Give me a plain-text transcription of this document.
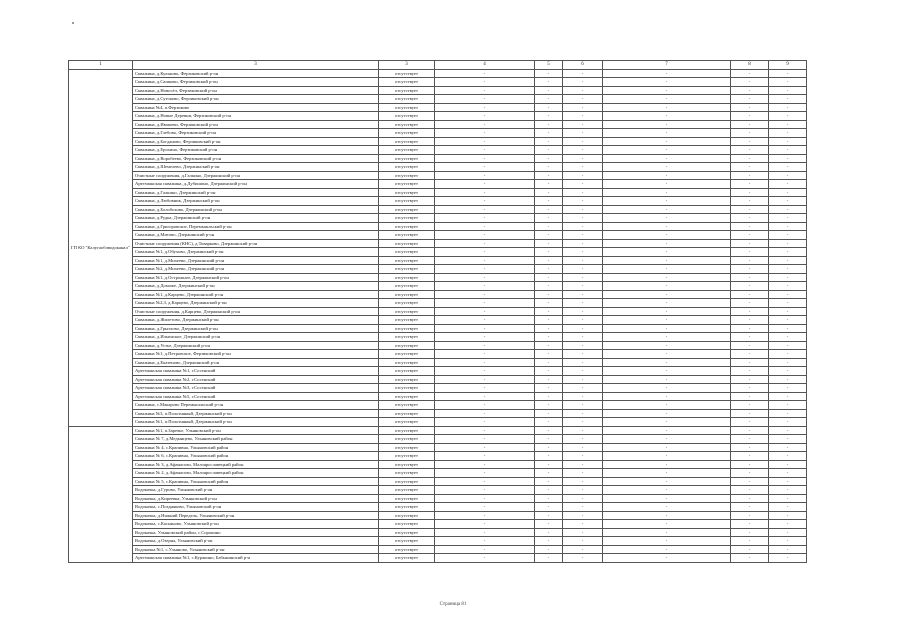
1	3	3	4	5	6	7	8	9
ГП КО "Калугаоблводоканал"	Скважина, д.Кульково, Ферзиковский р-он	отсутствует	-	-	-	-	-	-
	Скважина, д.Сашково, Ферзиковский р-он	отсутствует	-	-	-	-	-	-
	Скважина, д.Новосёл, Ферзиковский р-он	отсутствует	-	-	-	-	-	-
	Скважина, д.Сутоково, Ферзиковский р-он	отсутствует	-	-	-	-	-	-
	Скважина №4, п.Ферзиково	отсутствует	-	-	-	-	-	-
	Скважина, д.Новые Деревни, Ферзиковский р-он	отсутствует	-	-	-	-	-	-
	Скважина, д.Ивашево, Ферзиковский р-он	отсутствует	-	-	-	-	-	-
	Скважина, д.Глебово, Ферзиковский р-он	отсутствует	-	-	-	-	-	-
	Скважина, д.Богданово, Ферзиковский р-он	отсутствует	-	-	-	-	-	-
	Скважина, д.Ерохино, Ферзиковский р-он	отсутствует	-	-	-	-	-	-
	Скважина, д.Воробеево, Ферзиковский р-он	отсутствует	-	-	-	-	-	-
	Скважина, д.Шемелево, Дзержинский р-он	отсутствует	-	-	-	-	-	-
	Очистные сооружения, д.Галкино, Дзержинский р-он	отсутствует	-	-	-	-	-	-
	Артезианская скважина, д.Дубишино, Дзержинский р-он	отсутствует	-	-	-	-	-	-
	Скважина, д.Галкино, Дзержинский р-он	отсутствует	-	-	-	-	-	-
	Скважина, д.Любовник, Дзержинский р-он	отсутствует	-	-	-	-	-	-
	Скважина, д.Болобохово, Дзержинский р-он	отсутствует	-	-	-	-	-	-
	Скважина, д.Рудка, Дзержинский р-он	отсутствует	-	-	-	-	-	-
	Скважина, д.Григоровское, Перемышльский р-он	отсутствует	-	-	-	-	-	-
	Скважина, д.Митово, Дзержинский р-он	отсутствует	-	-	-	-	-	-
	Очистные сооружения (КНС), д.Товарково, Дзержинский р-он	отсутствует	-	-	-	-	-	-
	Скважина №1, д.Обухово, Дзержинский р-он	отсутствует	-	-	-	-	-	-
	Скважина №1, д.Михеево, Дзержинский р-он	отсутствует	-	-	-	-	-	-
	Скважина №2, д.Михеево, Дзержинский р-он	отсутствует	-	-	-	-	-	-
	Скважина №1, д.Острожное, Дзержинский р-он	отсутствует	-	-	-	-	-	-
	Скважина, д.Доможе, Дзержинский р-он	отсутствует	-	-	-	-	-	-
	Скважина №1, д.Карцево, Дзержинский р-он	отсутствует	-	-	-	-	-	-
	Скважина №2,3, д.Карцево, Дзержинский р-он	отсутствует	-	-	-	-	-	-
	Очистные сооружения, д.Карцево, Дзержинский р-он	отсутствует	-	-	-	-	-	-
	Скважина, д.Жилетово, Дзержинский р-он	отсутствует	-	-	-	-	-	-
	Скважина, д.Грызлово, Дзержинский р-он	отсутствует	-	-	-	-	-	-
	Скважина, д.Ильинское, Дзержинский р-он	отсутствует	-	-	-	-	-	-
	Скважина, д.Устье, Дзержинский р-он	отсутствует	-	-	-	-	-	-
	Скважина №1, д.Петровское, Ферзиковский р-он	отсутствует	-	-	-	-	-	-
	Скважина, д.Екатеново, Дзержинский р-он	отсутствует	-	-	-	-	-	-
	Артезианская скважина №1, г.Сосенский	отсутствует	-	-	-	-	-	-
	Артезианская скважина №2, г.Сосенский	отсутствует	-	-	-	-	-	-
	Артезианская скважина №3, г.Сосенский	отсутствует	-	-	-	-	-	-
	Артезианская скважина №5, г.Сосенский	отсутствует	-	-	-	-	-	-
	Скважина, с.Макарово Перемышльский р-он	отсутствует	-	-	-	-	-	-
	Скважина №3, п.Полотняный, Дзержинский р-он	отсутствует	-	-	-	-	-	-
	Скважина №1, п.Полотняный, Дзержинский р-он	отсутствует	-	-	-	-	-	-
	Скважина №1, п.Заречье, Ульяновский р-он	отсутствует	-	-	-	-	-	-
	Скважина № 7, д.Медынцево, Ульяновский район	отсутствует	-	-	-	-	-	-
	Скважина № 4, с.Крапивна, Ульяновский район	отсутствует	-	-	-	-	-	-
	Скважина № 6, с.Крапивна, Ульяновский район	отсутствует	-	-	-	-	-	-
	Скважина № 3, д.Афанасово, Малоярославецкий район	отсутствует	-	-	-	-	-	-
	Скважина № 2, д.Афанасово, Малоярославецкий район	отсутствует	-	-	-	-	-	-
	Скважина № 5, с.Крапивна, Ульяновский район	отсутствует	-	-	-	-	-	-
	Водокачка, д.Гурово, Ульяновский р-он	отсутствует	-	-	-	-	-	-
	Водокачка, д.Киреевка, Ульяновский р-он	отсутствует	-	-	-	-	-	-
	Водокачка, с.Поздняково, Ульяновский р-он	отсутствует	-	-	-	-	-	-
	Водокачка, д.Нижний Передель, Ульяновский р-он	отсутствует	-	-	-	-	-	-
	Водокачка, с.Касьяново, Ульяновский р-он	отсутствует	-	-	-	-	-	-
	Водокачка, Ульяновский район, с.Сорокино	отсутствует	-	-	-	-	-	-
	Водокачка, д.Озерна, Ульяновский р-он	отсутствует	-	-	-	-	-	-
	Водокачка №1, с.Ульяново, Ульяновский р-он	отсутствует	-	-	-	-	-	-
	Артезианская скважина №1, с.Куракино, Бабынинский р-н	отсутствует	-	-	-	-	-	-
Страница 81
